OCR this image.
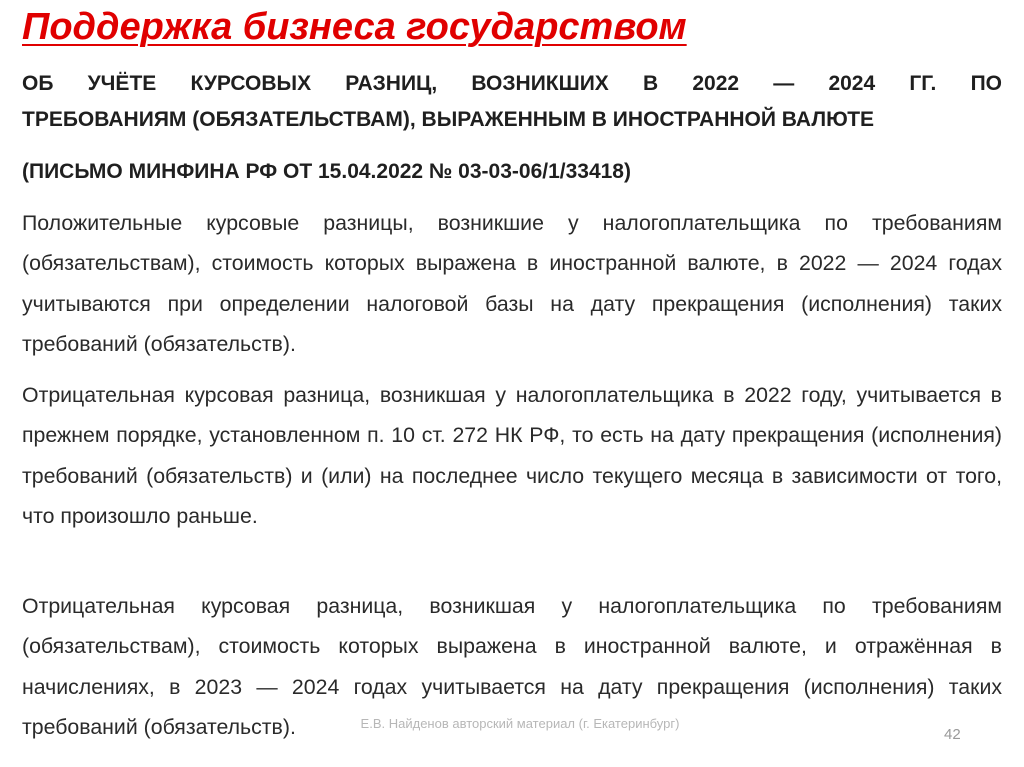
Поддержка бизнеса государством

ОБ УЧЁТЕ КУРСОВЫХ РАЗНИЦ, ВОЗНИКШИХ В 2022 — 2024 ГГ. ПО

ТРЕБОВАНИЯМ (ОБЯЗАТЕЛЬСТВАМ), ВЫРАЖЕННЫМ В ИНОСТРАННОЙ ВАЛЮТЕ

(ПИСЬМО МИНФИНА РФ ОТ 15.04.2022 № 03-03-06/1/33418)

Положительные курсовые разницы, возникшие у налогоплательщика по требованиям (обязательствам), стоимость которых выражена в иностранной валюте, в 2022 — 2024 годах учитываются при определении налоговой базы на дату прекращения (исполнения) таких требований (обязательств).

Отрицательная курсовая разница, возникшая у налогоплательщика в 2022 году, учитывается в прежнем порядке, установленном п. 10 ст. 272 НК РФ, то есть на дату прекращения (исполнения) требований (обязательств) и (или) на последнее число текущего месяца в зависимости от того, что произошло раньше.

Отрицательная курсовая разница, возникшая у налогоплательщика по требованиям (обязательствам), стоимость которых выражена в иностранной валюте, и отражённая в начислениях, в 2023 — 2024 годах учитывается на дату прекращения (исполнения) таких требований (обязательств).	Е.В. Найденов авторский материал (г. Екатеринбург)

42
